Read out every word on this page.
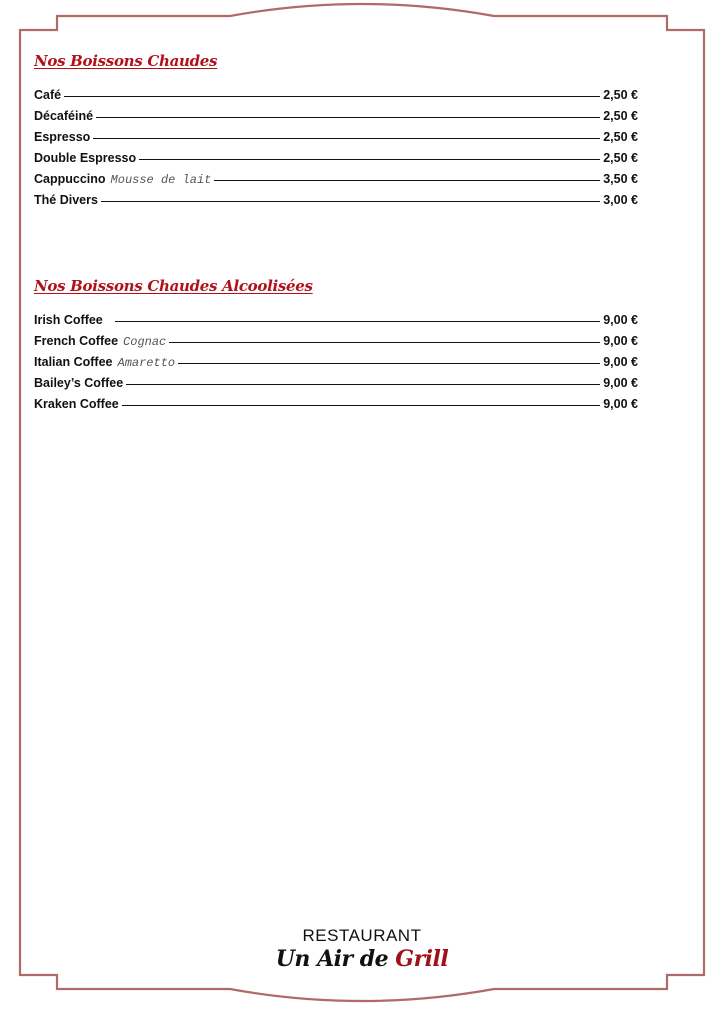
Nos Boissons Chaudes
Café	2,50 €
Décaféiné	2,50 €
Espresso	2,50 €
Double Espresso	2,50 €
Cappuccino Mousse de lait	3,50 €
Thé Divers	3,00 €
Nos Boissons Chaudes Alcoolisées
Irish Coffee	9,00 €
French Coffee Cognac	9,00 €
Italian Coffee Amaretto	9,00 €
Bailey’s Coffee	9,00 €
Kraken Coffee	9,00 €
RESTAURANT
Un Air de Grill
